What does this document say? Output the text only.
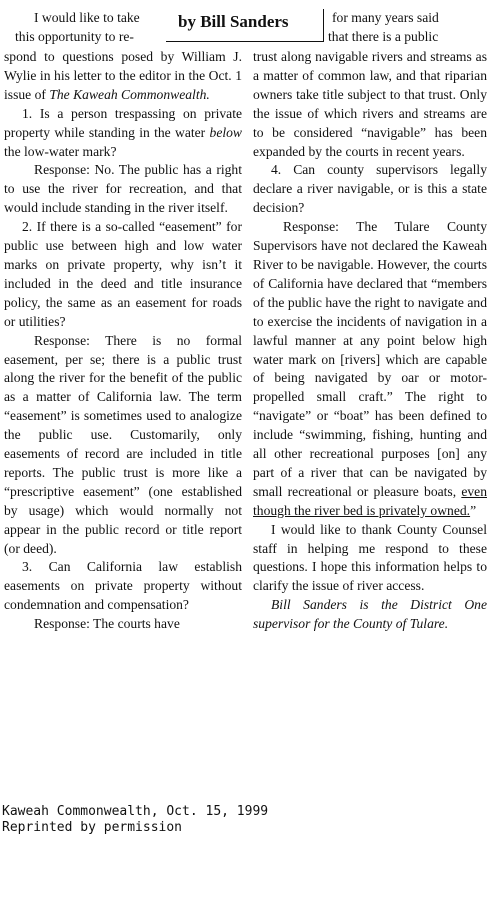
by Bill Sanders
I would like to take
this opportunity to re-
for many years said
that there is a public

spond to questions posed by William J. Wylie in his letter to the editor in the Oct. 1 issue of The Kaweah Commonwealth.

1. Is a person trespassing on private property while standing in the water below the low-water mark?

Response: No. The public has a right to use the river for recreation, and that would include standing in the river itself.

2. If there is a so-called “easement” for public use between high and low water marks on private property, why isn’t it included in the deed and title insurance policy, the same as an easement for roads or utilities?

Response: There is no formal easement, per se; there is a public trust along the river for the benefit of the public as a matter of California law. The term “easement” is sometimes used to analogize the public use. Customarily, only easements of record are included in title reports. The public trust is more like a “prescriptive easement” (one established by usage) which would normally not appear in the public record or title report (or deed).

3. Can California law establish easements on private property without condemnation and compensation?

Response: The courts have

trust along navigable rivers and streams as a matter of common law, and that riparian owners take title subject to that trust. Only the issue of which rivers and streams are to be considered “navigable” has been expanded by the courts in recent years.

4. Can county supervisors legally declare a river navigable, or is this a state decision?

Response: The Tulare County Supervisors have not declared the Kaweah River to be navigable. However, the courts of California have declared that “members of the public have the right to navigate and to exercise the incidents of navigation in a lawful manner at any point below high water mark on [rivers] which are capable of being navigated by oar or motor-propelled small craft.” The right to “navigate” or “boat” has been defined to include “swimming, fishing, hunting and all other recreational purposes [on] any part of a river that can be navigated by small recreational or pleasure boats, even though the river bed is privately owned.”

I would like to thank County Counsel staff in helping me respond to these questions. I hope this information helps to clarify the issue of river access.

Bill Sanders is the District One supervisor for the County of Tulare.

Kaweah Commonwealth, Oct. 15, 1999
Reprinted by permission
